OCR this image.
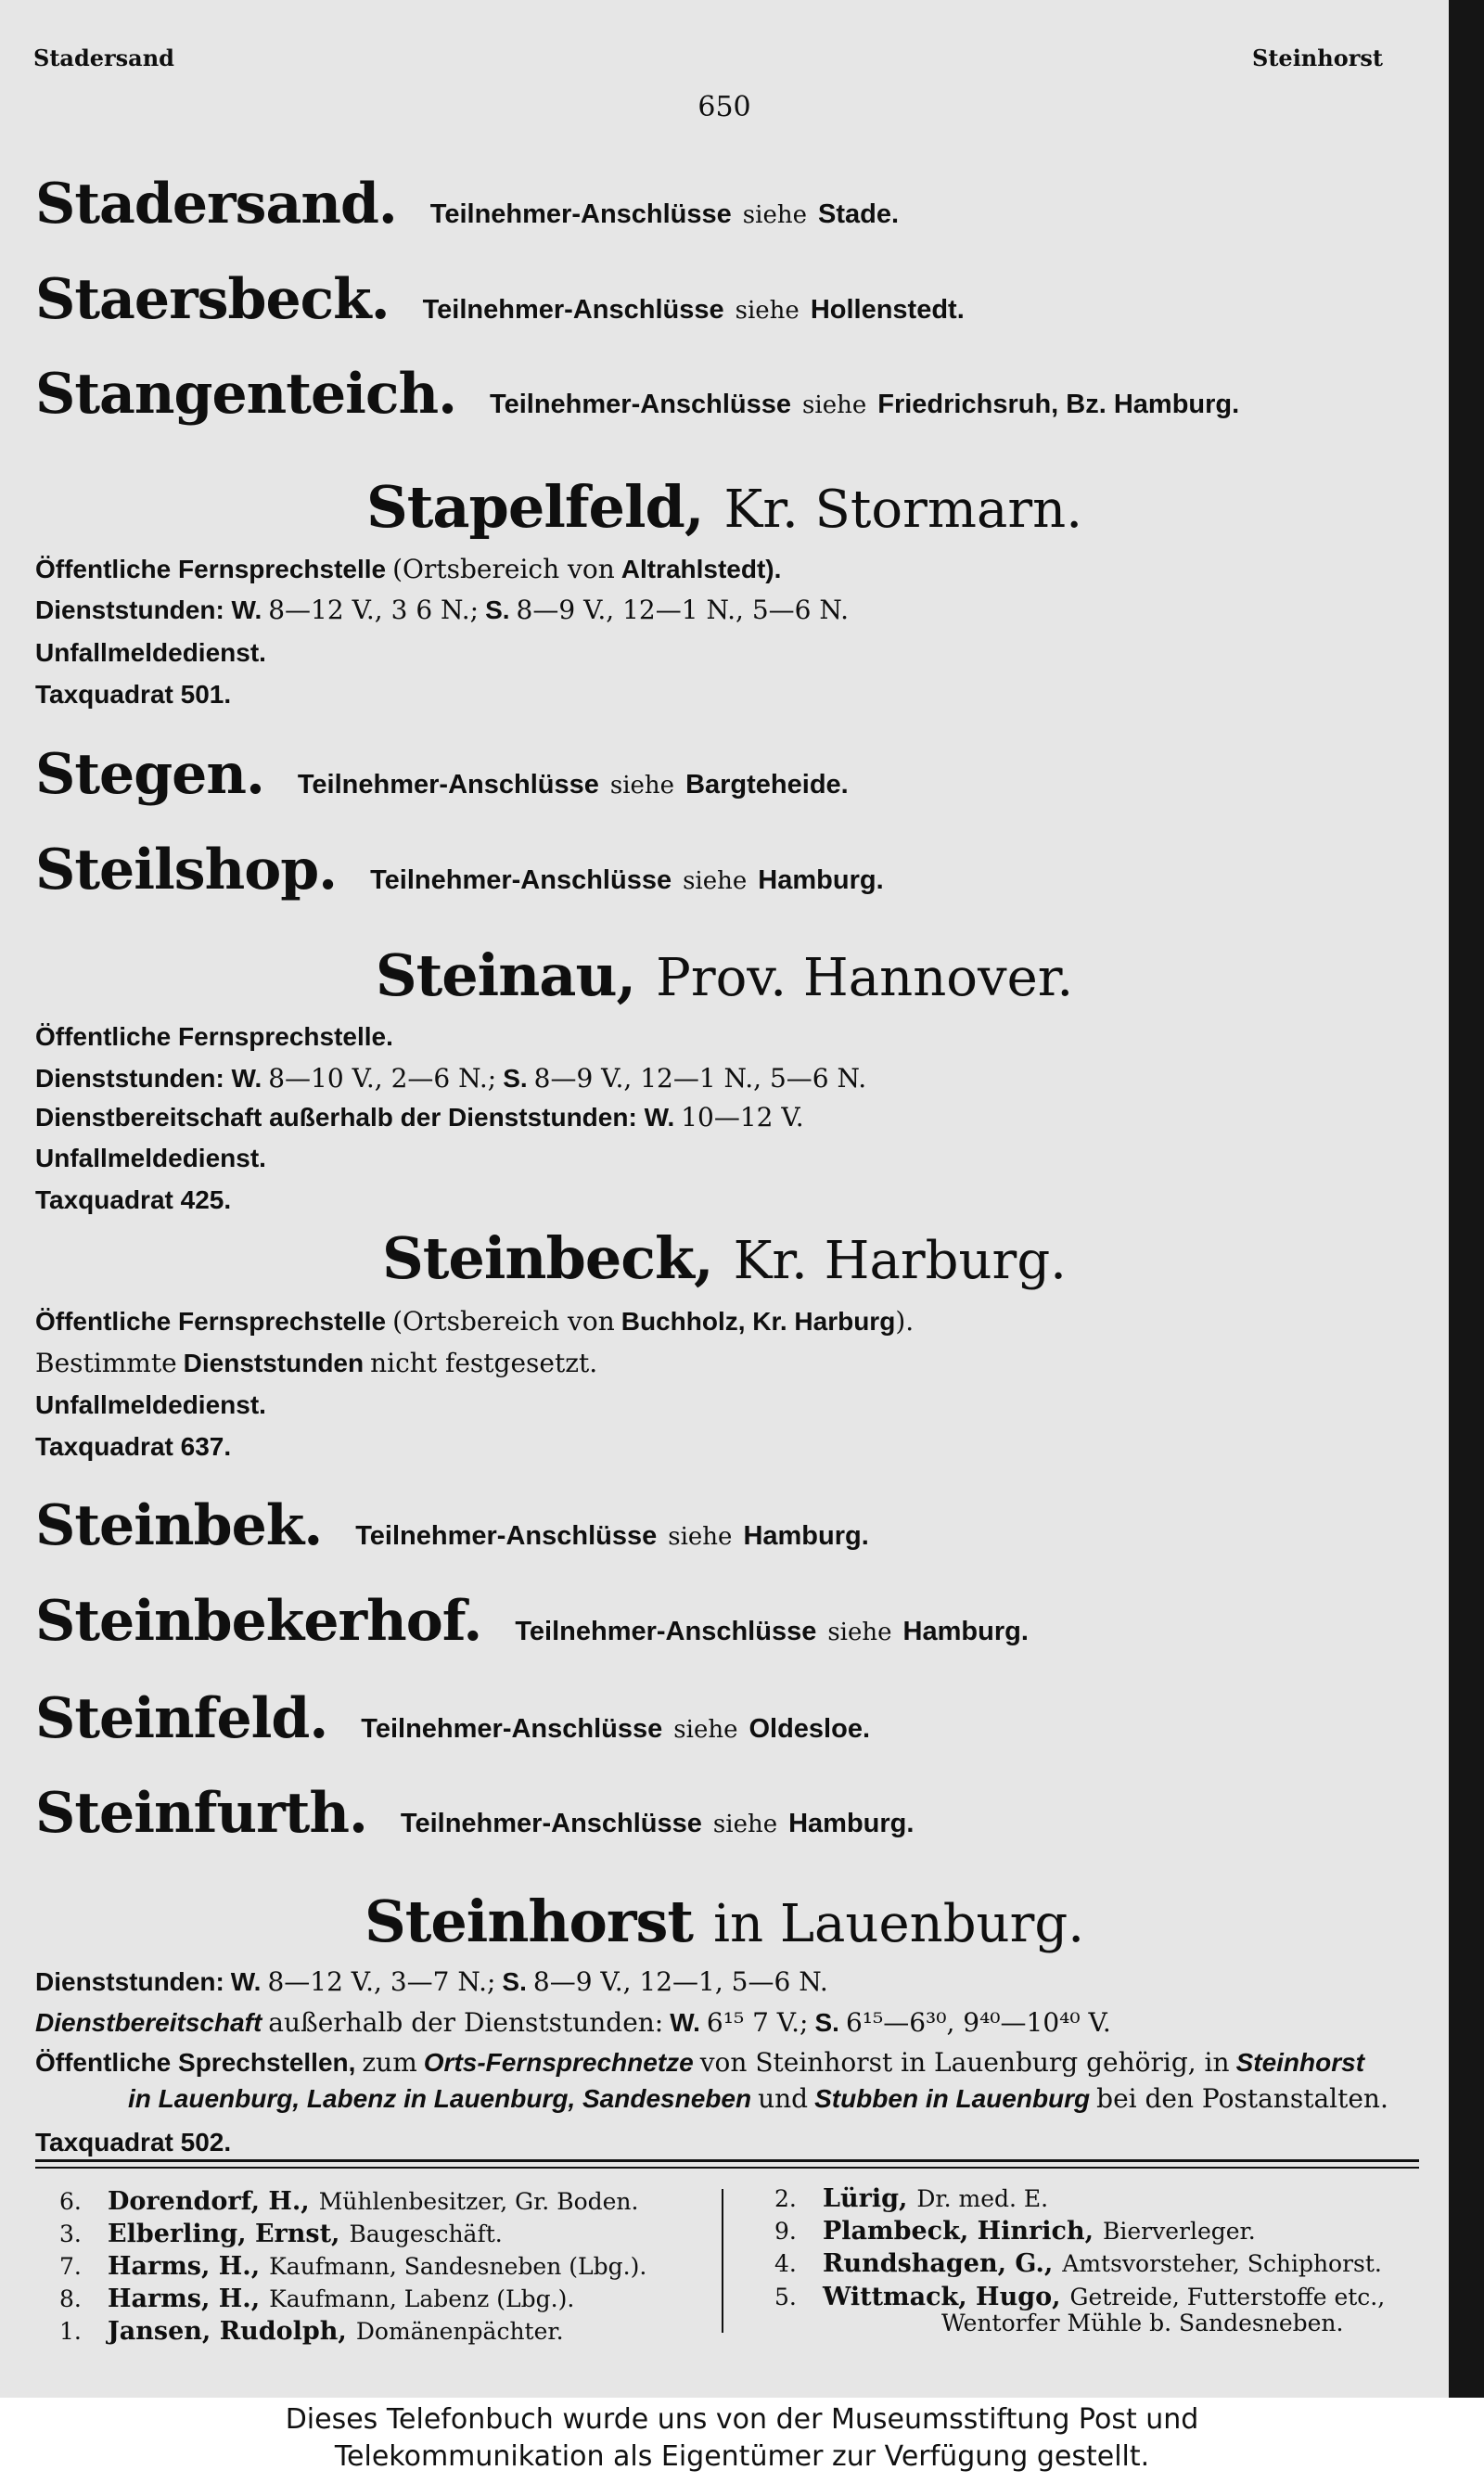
Stadersand	Steinhorst
650
Stadersand. Teilnehmer-Anschlüsse siehe Stade.
Staersbeck. Teilnehmer-Anschlüsse siehe Hollenstedt.
Stangenteich. Teilnehmer-Anschlüsse siehe Friedrichsruh, Bz. Hamburg.
Stapelfeld, Kr. Stormarn.
Öffentliche Fernsprechstelle (Ortsbereich von Altrahlstedt).
Dienststunden: W. 8—12 V., 3 6 N.; S. 8—9 V., 12—1 N., 5—6 N.
Unfallmeldedienst.
Taxquadrat 501.
Stegen. Teilnehmer-Anschlüsse siehe Bargteheide.
Steilshop. Teilnehmer-Anschlüsse siehe Hamburg.
Steinau, Prov. Hannover.
Öffentliche Fernsprechstelle.
Dienststunden: W. 8—10 V., 2—6 N.; S. 8—9 V., 12—1 N., 5—6 N.
Dienstbereitschaft außerhalb der Dienststunden: W. 10—12 V.
Unfallmeldedienst.
Taxquadrat 425.
Steinbeck, Kr. Harburg.
Öffentliche Fernsprechstelle (Ortsbereich von Buchholz, Kr. Harburg).
Bestimmte Dienststunden nicht festgesetzt.
Unfallmeldedienst.
Taxquadrat 637.
Steinbek. Teilnehmer-Anschlüsse siehe Hamburg.
Steinbekerhof. Teilnehmer-Anschlüsse siehe Hamburg.
Steinfeld. Teilnehmer-Anschlüsse siehe Oldesloe.
Steinfurth. Teilnehmer-Anschlüsse siehe Hamburg.
Steinhorst in Lauenburg.
Dienststunden: W. 8—12 V., 3—7 N.; S. 8—9 V., 12—1, 5—6 N.
Dienstbereitschaft außerhalb der Dienststunden: W. 6¹⁵ 7 V.; S. 6¹⁵—6³⁰, 9⁴⁰—10⁴⁰ V.
Öffentliche Sprechstellen, zum Orts-Fernsprechnetze von Steinhorst in Lauenburg gehörig, in Steinhorst
in Lauenburg, Labenz in Lauenburg, Sandesneben und Stubben in Lauenburg bei den Postanstalten.
Taxquadrat 502.
6.	Dorendorf, H., Mühlenbesitzer, Gr. Boden.
3.	Elberling, Ernst, Baugeschäft.
7.	Harms, H., Kaufmann, Sandesneben (Lbg.).
8.	Harms, H., Kaufmann, Labenz (Lbg.).
1.	Jansen, Rudolph, Domänenpächter.
2.	Lürig, Dr. med. E.
9.	Plambeck, Hinrich, Bierverleger.
4.	Rundshagen, G., Amtsvorsteher, Schiphorst.
5.	Wittmack, Hugo, Getreide, Futterstoffe etc.,
Wentorfer Mühle b. Sandesneben.
Dieses Telefonbuch wurde uns von der Museumsstiftung Post und
Telekommunikation als Eigentümer zur Verfügung gestellt.
